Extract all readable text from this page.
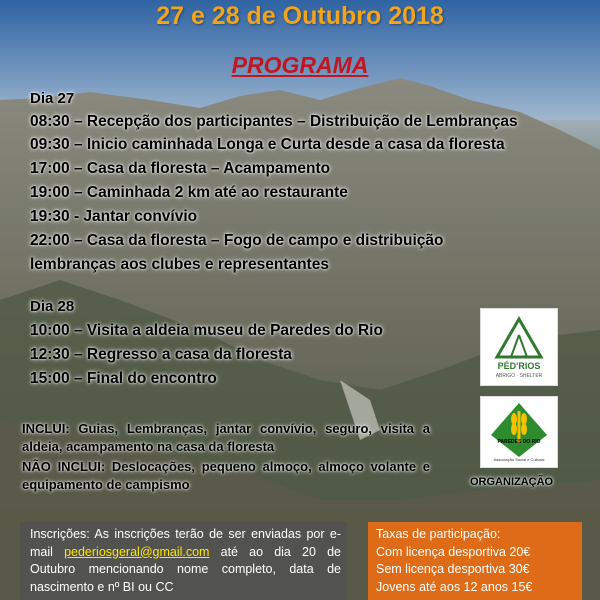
27 e 28 de Outubro 2018
PROGRAMA
Dia 27
08:30 – Recepção dos participantes – Distribuição de Lembranças
09:30 – Inicio caminhada Longa e Curta desde a casa da floresta
17:00 – Casa da floresta – Acampamento
19:00 – Caminhada 2 km até ao restaurante
19:30 - Jantar convívio
22:00 – Casa da floresta – Fogo de campo e distribuição
lembranças aos clubes e representantes
Dia 28
10:00 – Visita a aldeia museu de Paredes do Rio
12:30 – Regresso a casa da floresta
15:00 – Final do encontro
INCLUI: Guias, Lembranças, jantar convívio, seguro, visita a aldeia, acampamento na casa da floresta
NÃO INCLUI: Deslocações, pequeno almoço, almoço volante e equipamento de campismo
PÉD'RIOS
ABRIGO · SHELTER
PAREDES DO RIO
Associação Social e Cultural
ORGANIZAÇÃO
Inscrições: As inscrições terão de ser enviadas por e-mail pederiosgeral@gmail.com até ao dia 20 de Outubro mencionando nome completo, data de nascimento e nº BI ou CC
Taxas de participação:
Com licença desportiva 20€
Sem licença desportiva 30€
Jovens até aos 12 anos 15€
